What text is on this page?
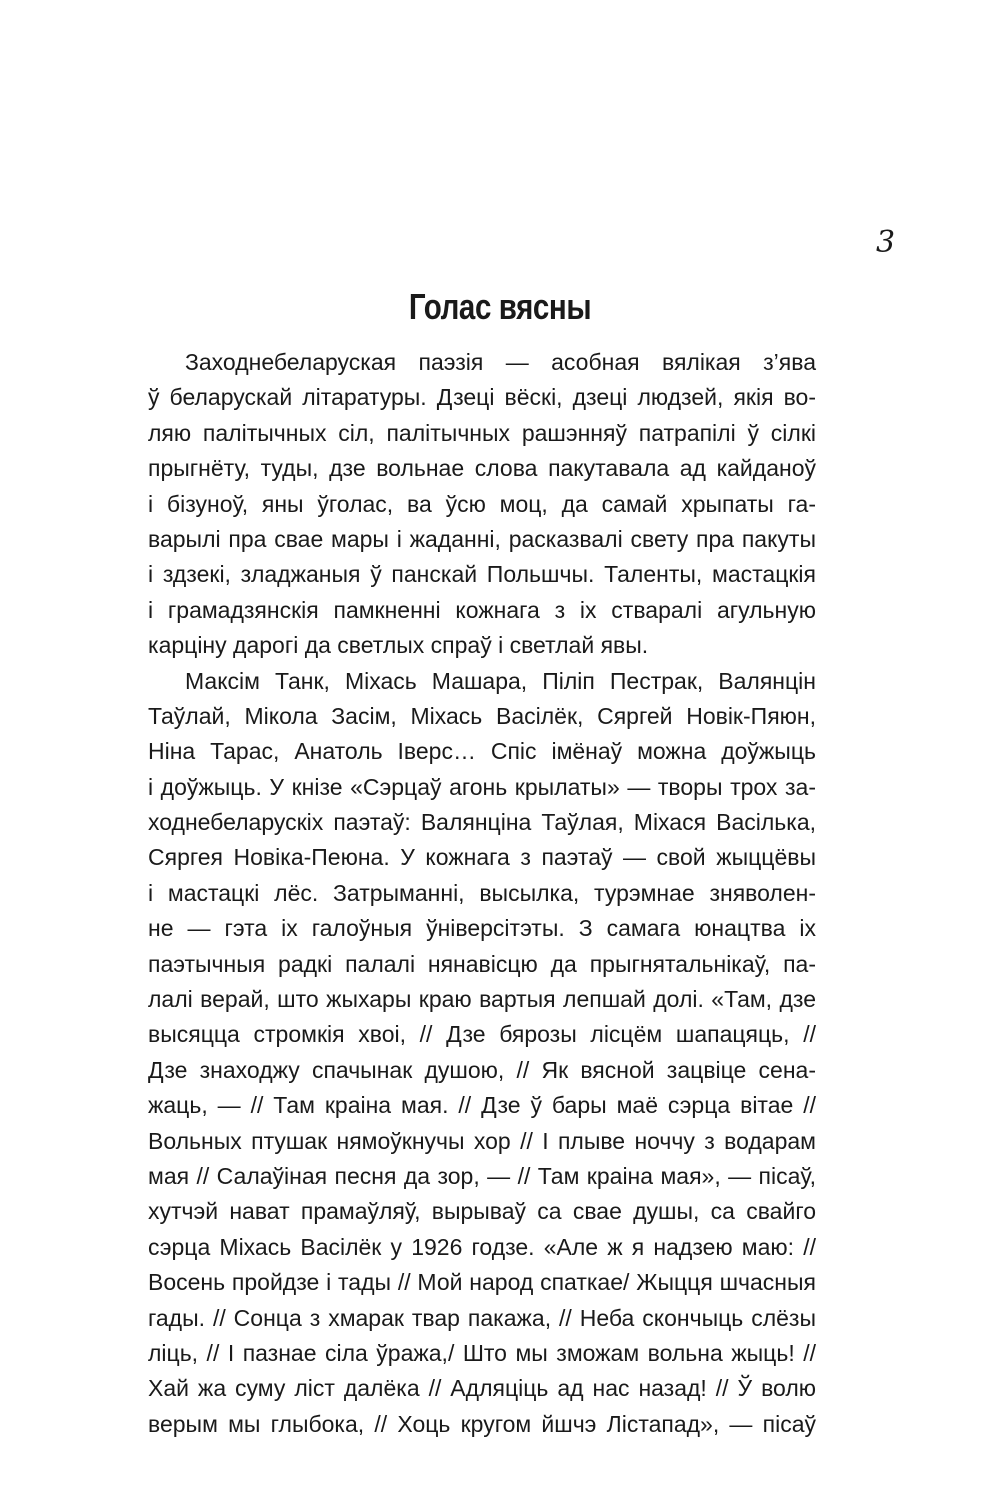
3
Голас вясны
Заходнебеларуская паэзія — асобная вялікая з’ява
ў беларускай літаратуры. Дзеці вёскі, дзеці людзей, якія во-
ляю палітычных сіл, палітычных рашэнняў патрапілі ў сілкі
прыгнёту, туды, дзе вольнае слова пакутавала ад кайданоў
і бізуноў, яны ўголас, ва ўсю моц, да самай хрыпаты га-
варылі пра свае мары і жаданні, расказвалі свету пра пакуты
і здзекі, зладжаныя ў панскай Польшчы. Таленты, мастацкія
і грамадзянскія памкненні кожнага з іх стваралі агульную
карціну дарогі да светлых спраў і светлай явы.
Максім Танк, Міхась Машара, Піліп Пестрак, Валянцін
Таўлай, Мікола Засім, Міхась Васілёк, Сяргей Новік-Пяюн,
Ніна Тарас, Анатоль Іверс… Спіс імёнаў можна доўжыць
і доўжыць. У кнізе «Сэрцаў агонь крылаты» — творы трох за-
ходнебеларускіх паэтаў: Валянціна Таўлая, Міхася Васілька,
Сяргея Новіка-Пеюна. У кожнага з паэтаў — свой жыццёвы
і мастацкі лёс. Затрыманні, высылка, турэмнае зняволен-
не — гэта іх галоўныя ўніверсітэты. З самага юнацтва іх
паэтычныя радкі палалі нянавісцю да прыгнятальнікаў, па-
лалі верай, што жыхары краю вартыя лепшай долі. «Там, дзе
высяцца стромкія хвоі, // Дзе бярозы лісцём шапацяць, //
Дзе знаходжу спачынак душою, // Як вясной зацвіце сена-
жаць, — // Там краіна мая. // Дзе ў бары маё сэрца вітае //
Вольных птушак нямоўкнучы хор // І плыве ноччу з водарам
мая // Салаўіная песня да зор, — // Там краіна мая», — пісаў,
хутчэй нават прамаўляў, вырываў са свае душы, са свайго
сэрца Міхась Васілёк у 1926 годзе. «Але ж я надзею маю: //
Восень пройдзе і тады // Мой народ спаткае/ Жыцця шчасныя
гады. // Сонца з хмарак твар пакажа, // Неба скончыць слёзы
ліць, // І пазнае сіла ўража,/ Што мы зможам вольна жыць! //
Хай жа суму ліст далёка // Адляціць ад нас назад! // Ў волю
верым мы глыбока, // Хоць кругом йшчэ Лістапад», — пісаў
